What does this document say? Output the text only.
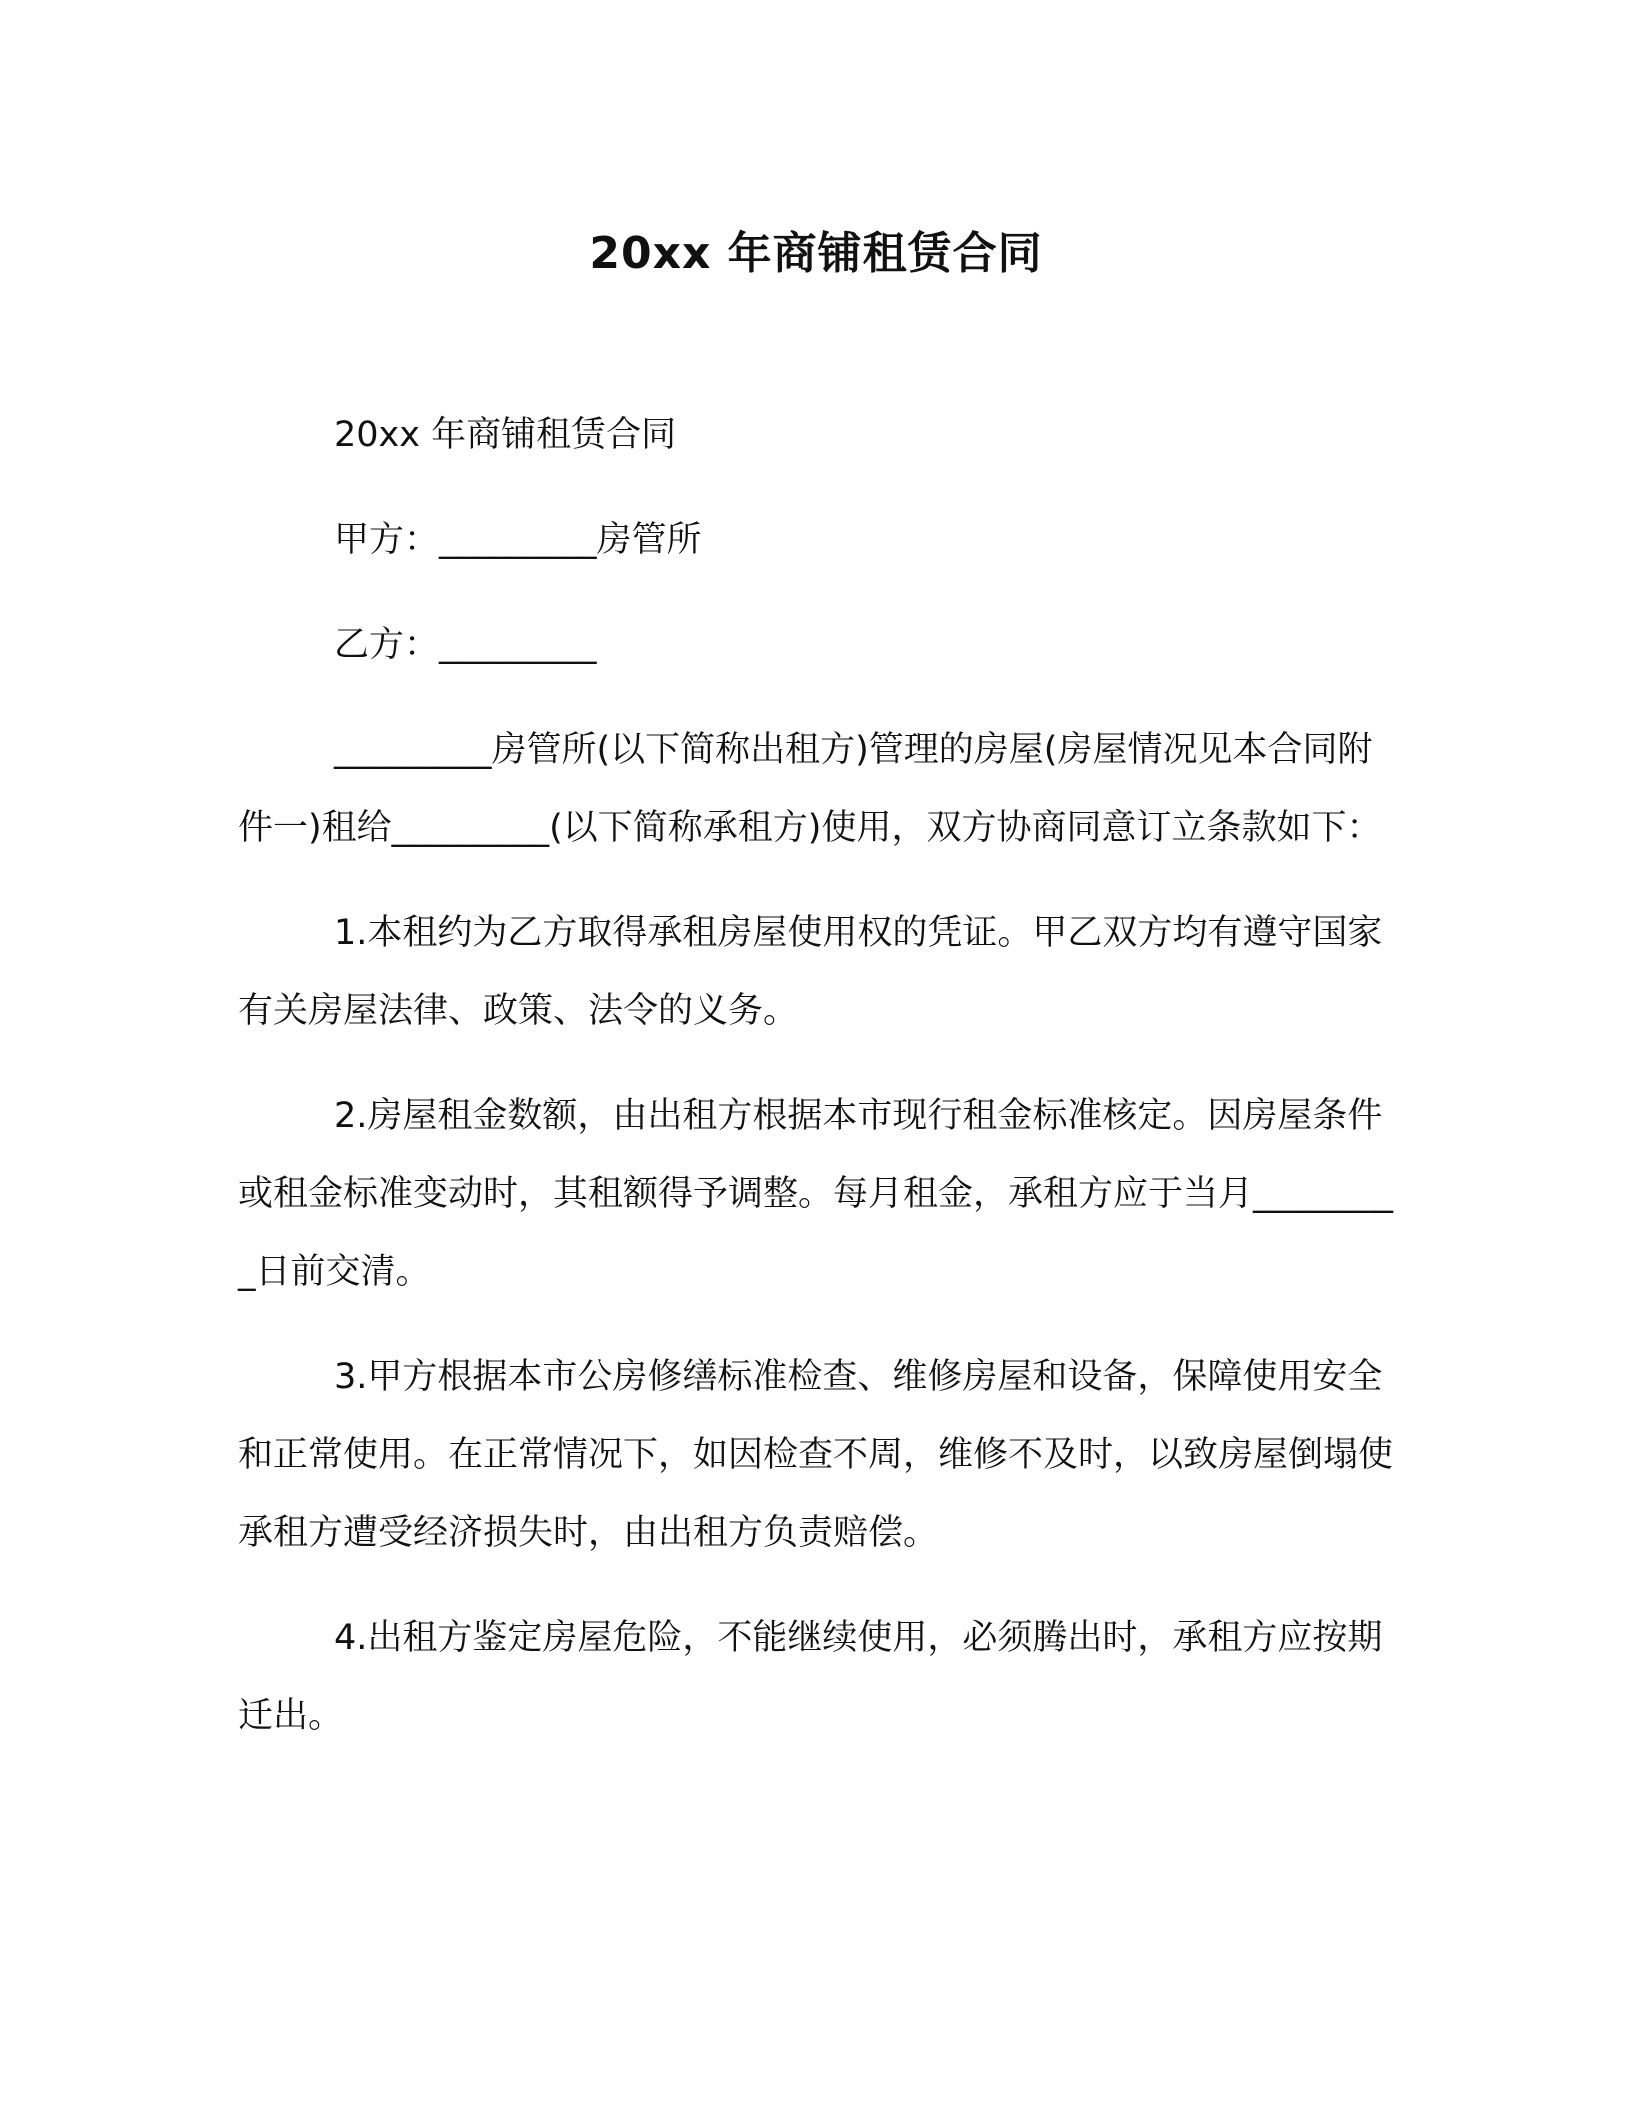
20xx 年商铺租赁合同

20xx 年商铺租赁合同

甲方：_________房管所

乙方：_________

_________房管所(以下简称出租方)管理的房屋(房屋情况见本合同附件一)租给_________(以下简称承租方)使用，双方协商同意订立条款如下：

1.本租约为乙方取得承租房屋使用权的凭证。甲乙双方均有遵守国家有关房屋法律、政策、法令的义务。

2.房屋租金数额，由出租方根据本市现行租金标准核定。因房屋条件或租金标准变动时，其租额得予调整。每月租金，承租方应于当月_________日前交清。

3.甲方根据本市公房修缮标准检查、维修房屋和设备，保障使用安全和正常使用。在正常情况下，如因检查不周，维修不及时，以致房屋倒塌使承租方遭受经济损失时，由出租方负责赔偿。

4.出租方鉴定房屋危险，不能继续使用，必须腾出时，承租方应按期迁出。
